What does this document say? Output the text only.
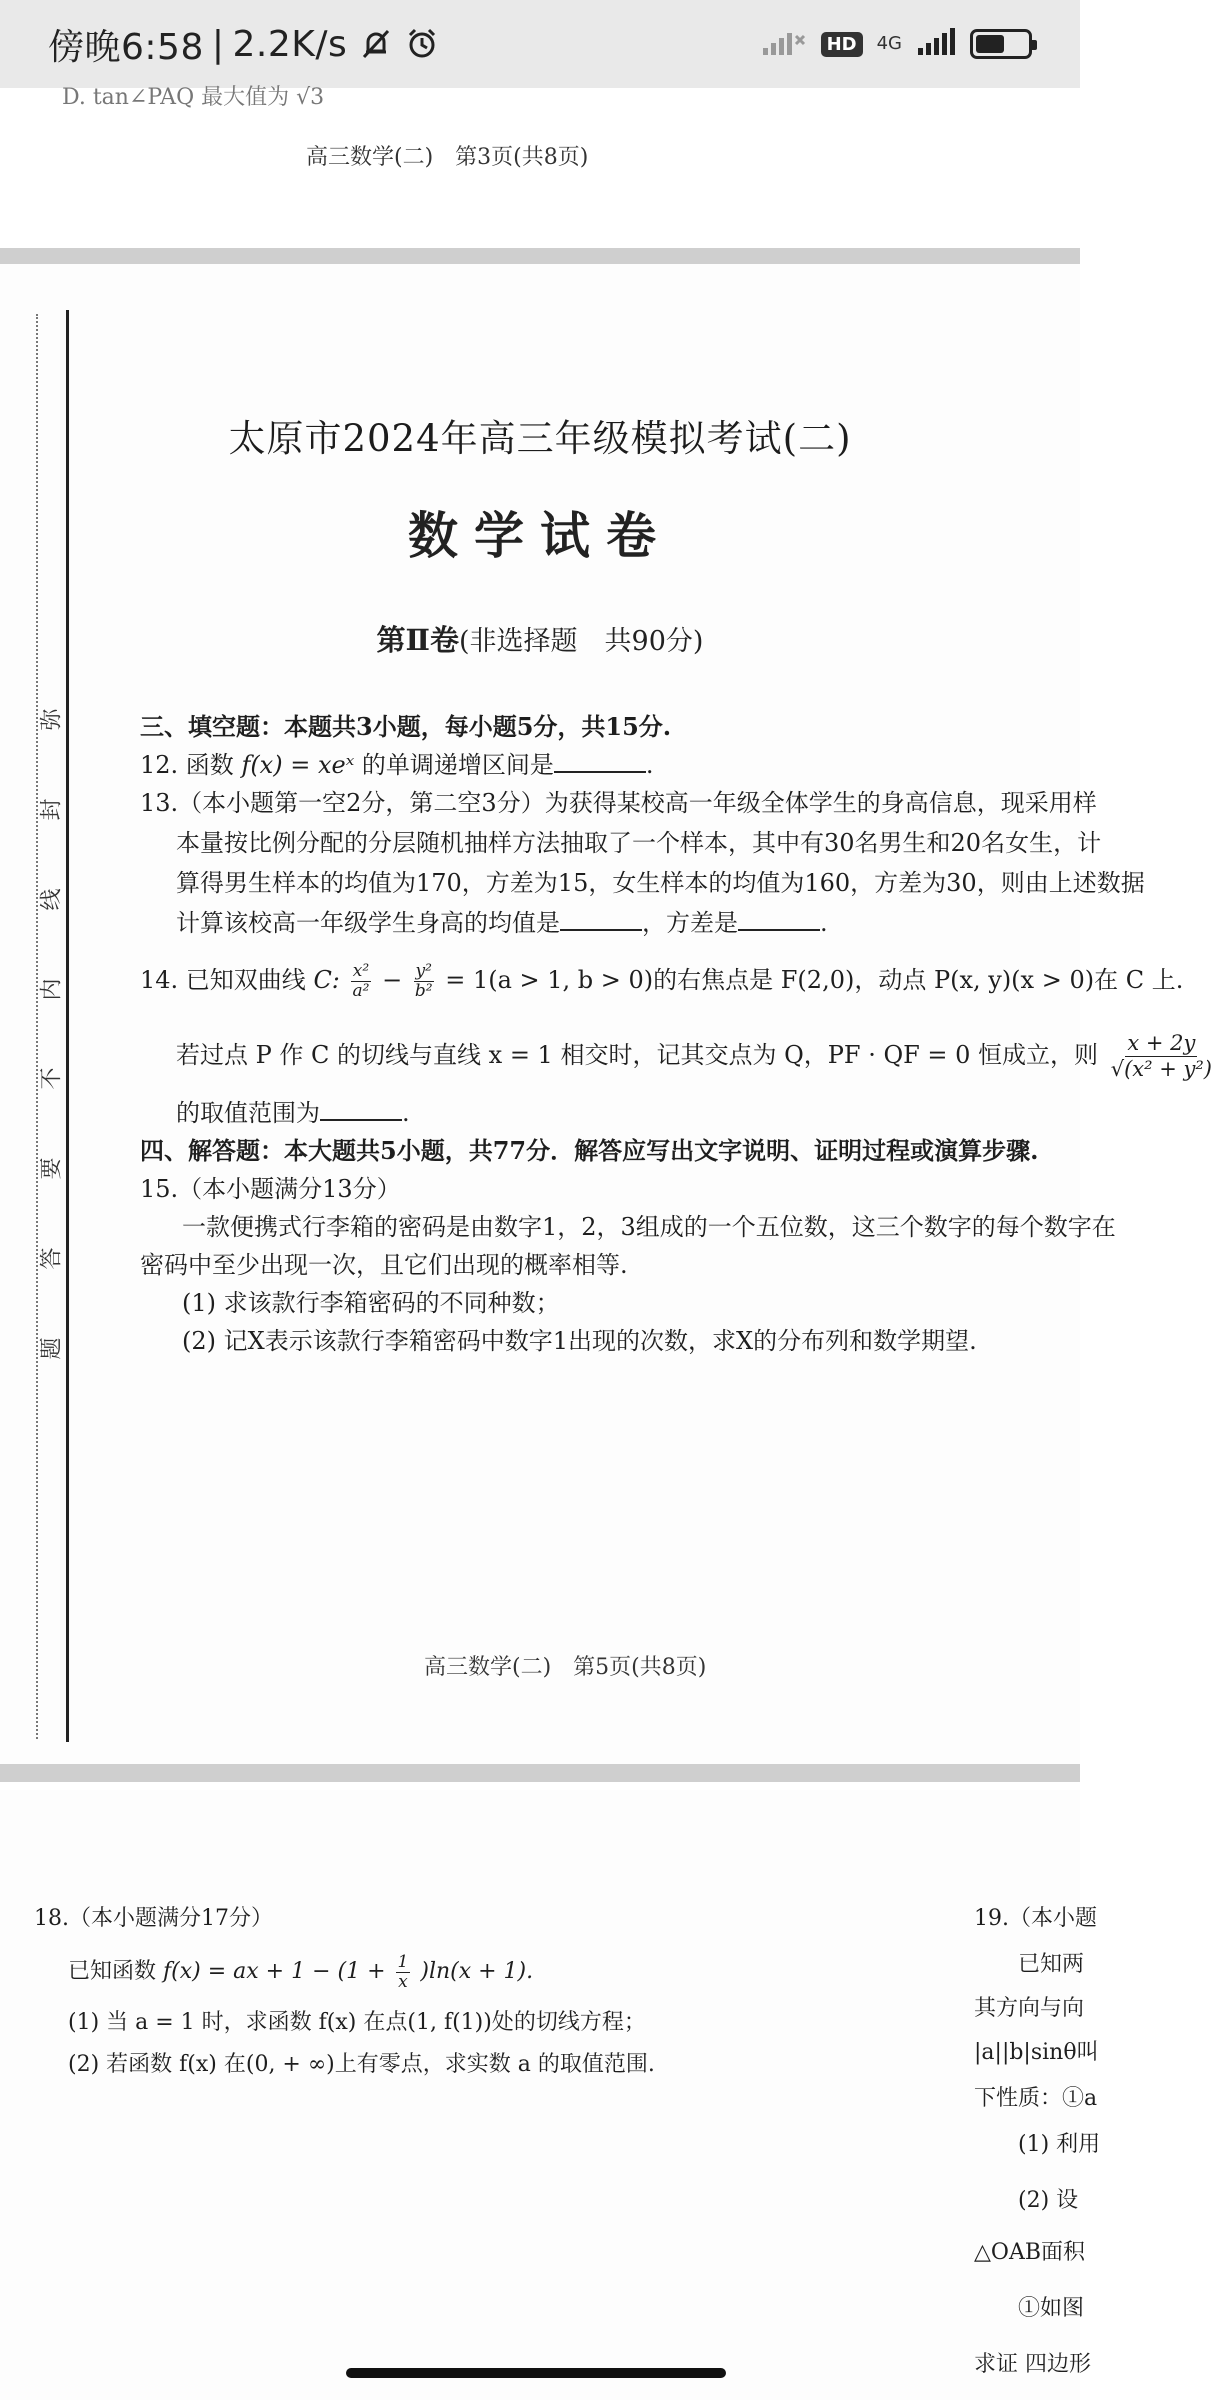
傍晚6:58 | 2.2K/s	HD	4G
D. tan∠PAQ 最大值为 √3
高三数学(二)　第3页(共8页)
弥
封
线
内
不
要
答
题
太原市2024年高三年级模拟考试(二)
数学试卷
第Ⅱ卷(非选择题　共90分)
三、填空题：本题共3小题，每小题5分，共15分.
12. 函数 f(x) = xeˣ 的单调递增区间是	.
13.（本小题第一空2分，第二空3分）为获得某校高一年级全体学生的身高信息，现采用样
本量按比例分配的分层随机抽样方法抽取了一个样本，其中有30名男生和20名女生，计
算得男生样本的均值为170，方差为15，女生样本的均值为160，方差为30，则由上述数据
计算该校高一年级学生身高的均值是	，方差是	.
14. 已知双曲线 C: $\frac{\text{x²}}{\text{a²}} - \frac{\text{y²}}{\text{b²}} = 1(a > 1$, b > 0)的右焦点是 F(2,0)，动点 P(x, y)(x > 0)在 C 上.
若过点 P 作 C 的切线与直线 x = 1 相交时，记其交点为 Q，PF · QF = 0 恒成立，则 $\frac{x + 2y}{\text{√(x² + y²)}}$
的取值范围为	.
四、解答题：本大题共5小题，共77分．解答应写出文字说明、证明过程或演算步骤.
15.（本小题满分13分）
一款便携式行李箱的密码是由数字1，2，3组成的一个五位数，这三个数字的每个数字在
密码中至少出现一次，且它们出现的概率相等.
(1) 求该款行李箱密码的不同种数；
(2) 记X表示该款行李箱密码中数字1出现的次数，求X的分布列和数学期望.
高三数学(二)　第5页(共8页)
18.（本小题满分17分）
已知函数 f(x) = ax + $1 - (1 + \frac{1}{x} )\ln(x + 1)$.
(1) 当 a = 1 时，求函数 f(x) 在点(1, f(1))处的切线方程；
(2) 若函数 f(x) 在(0, + ∞)上有零点，求实数 a 的取值范围.
19.（本小题
已知两
其方向与向
|a||b|sinθ叫
下性质：①a
(1) 利用
(2) 设
△OAB面积
①如图
求证 四边形
